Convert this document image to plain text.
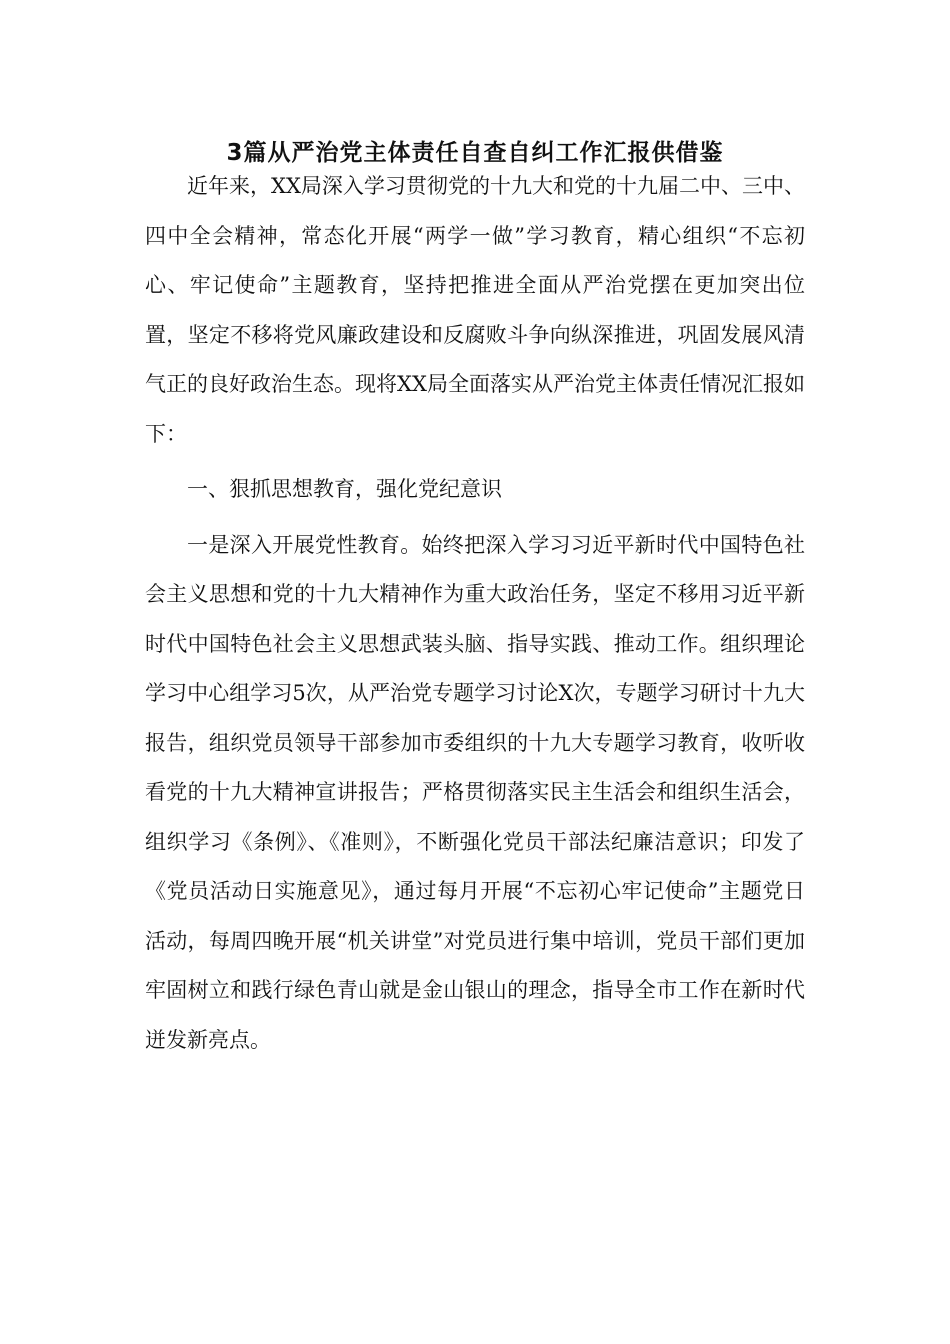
3篇从严治党主体责任自查自纠工作汇报供借鉴

近年来，XX局深入学习贯彻党的十九大和党的十九届二中、三中、四中全会精神，常态化开展“两学一做”学习教育，精心组织“不忘初心、牢记使命”主题教育，坚持把推进全面从严治党摆在更加突出位置，坚定不移将党风廉政建设和反腐败斗争向纵深推进，巩固发展风清气正的良好政治生态。现将XX局全面落实从严治党主体责任情况汇报如下：

一、狠抓思想教育，强化党纪意识

一是深入开展党性教育。始终把深入学习习近平新时代中国特色社会主义思想和党的十九大精神作为重大政治任务，坚定不移用习近平新时代中国特色社会主义思想武装头脑、指导实践、推动工作。组织理论学习中心组学习5次，从严治党专题学习讨论X次，专题学习研讨十九大报告，组织党员领导干部参加市委组织的十九大专题学习教育，收听收看党的十九大精神宣讲报告；严格贯彻落实民主生活会和组织生活会，组织学习《条例》、《准则》，不断强化党员干部法纪廉洁意识；印发了《党员活动日实施意见》，通过每月开展“不忘初心牢记使命”主题党日活动，每周四晚开展“机关讲堂”对党员进行集中培训，党员干部们更加牢固树立和践行绿色青山就是金山银山的理念，指导全市工作在新时代迸发新亮点。
